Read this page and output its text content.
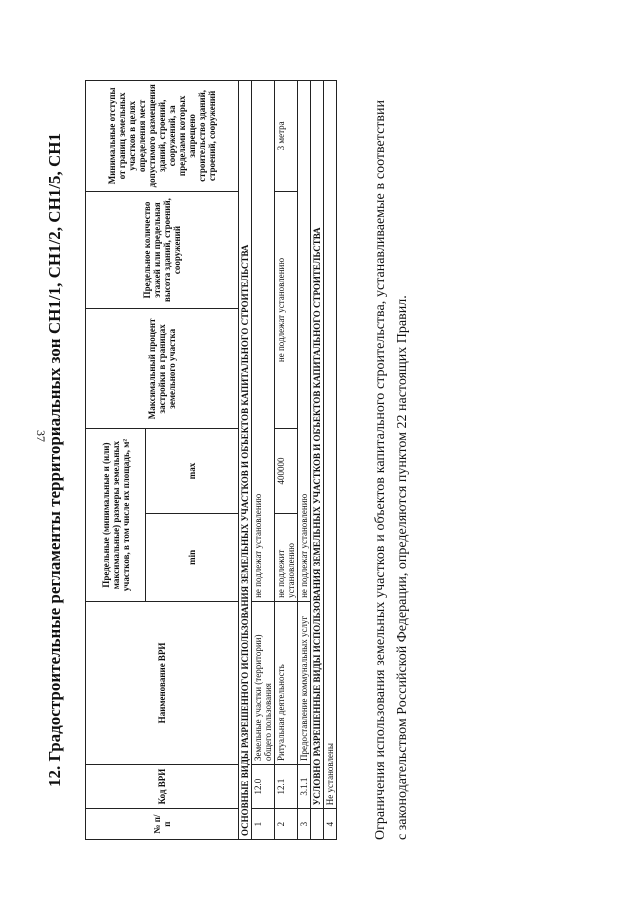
37
12. Градостроительные регламенты территориальных зон СН1/1, СН1/2, СН1/5, СН1
№ п/п	Код ВРИ	Наименование ВРИ	Предельные (минимальные и (или) максимальные) размеры земельных участков, в том числе их площадь, м²		Максимальный процент застройки в границах земельного участка	Предельное количество этажей или предельная высота зданий, строений, сооружений	Минимальные отступы от границ земельных участков в целях определения мест допустимого размещения зданий, строений, сооружений, за пределами которых запрещено строительство зданий, строений, сооружений
			min	max			
ОСНОВНЫЕ ВИДЫ РАЗРЕШЕННОГО ИСПОЛЬЗОВАНИЯ ЗЕМЕЛЬНЫХ УЧАСТКОВ И ОБЪЕКТОВ КАПИТАЛЬНОГО СТРОИТЕЛЬСТВА							
1	12.0	Земельные участки (территории) общего пользования	не подлежат установлению				
2	12.1	Ритуальная деятельность	не подлежит установлению	400000	не подлежат установлению		3 метра
3	3.1.1	Предоставление коммунальных услуг	не подлежат установлению				
	УСЛОВНО РАЗРЕШЕННЫЕ ВИДЫ ИСПОЛЬЗОВАНИЯ ЗЕМЕЛЬНЫХ УЧАСТКОВ И ОБЪЕКТОВ КАПИТАЛЬНОГО СТРОИТЕЛЬСТВА						
4	Не установлены							Ограничения использования земельных участков и объектов капитального строительства, устанавливаемые в соответствии с законодательством Российской Федерации, определяются пунктом 22 настоящих Правил.
